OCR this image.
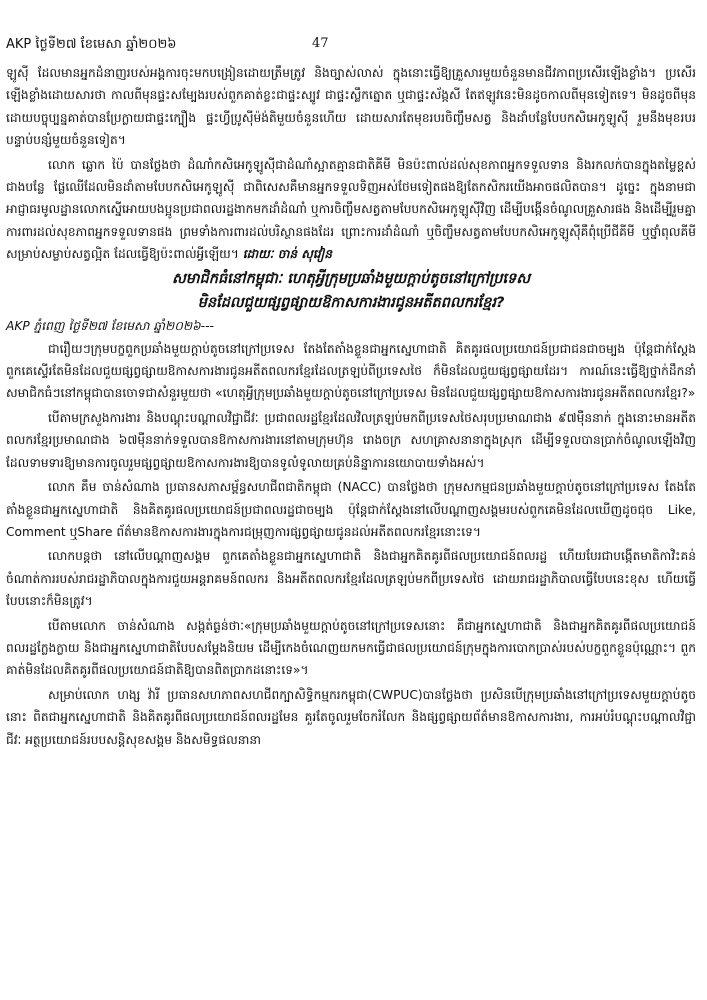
AKP ថ្ងៃទី២៧ ខែមេសា ឆ្នាំ២០២៦	47

ឡូស៊ី ដែលមានអ្នកដំនាញរបស់អង្គការចុះមកបង្រៀនដោយត្រឹមត្រូវ និងច្បាស់លាស់ ក្នុងនោះធ្វើឱ្យគ្រួសារមួយចំនួនមានជីវភាពប្រសើរឡើងខ្លាំង។ ប្រសើរឡើងខ្លាំងដោយសារថា កាលពីមុនផ្ទះសម្បែងរបស់ពួកគាត់ខ្លះជាផ្ទះស្បូវ ជាផ្ទះស្លឹកត្នោត ឬជាផ្ទះស័ង្កសី តែឥឡូវនេះមិនដូចកាលពីមុនទៀតទេ។ មិនដូចពីមុនដោយបច្ចុប្បន្នគាត់បានប្រែក្លាយជាផ្ទះក្បឿង ផ្ទះហ្វីប្រូស៊ីម៉ង់តិមួយចំនួនហើយ ដោយសារតែមុខរបរចិញ្ចឹមសត្វ និងដាំបន្លែបែបកសិអេកូឡូស៊ី រួមនឹងមុខរបរបន្ទាប់បន្សំមួយចំនួនទៀត។

លោក ឆ្លោក ប៉ៃ បានថ្លែងថា ដំណាំកសិអេកូឡូស៊ីជាដំណាំស្អាតគ្មានជាតិគីមី មិនប៉ះពាល់ដល់សុខភាពអ្នកទទួលទាន និងរកលក់បានក្នុងតម្លៃខ្ពស់ជាងបន្លែ ផ្លែឈើដែលមិនដាំតាមបែបកសិអេកូឡូស៊ី ជាពិសេសគឺមានអ្នកទទួលទិញអស់ថែមទៀតផងឱ្យតែកសិករយើងអាចផលិតបាន។ ដូច្នេះ ក្នុងនាមជាអាជ្ញាធរមូលដ្ឋានលោកស្នើអោយបងប្អូនប្រជាពលរដ្ឋងាកមកដាំដំណាំ ឬការចិញ្ចឹមសត្វតាមបែបកសិអេកូឡូស៊ីវិញ ដើម្បីបង្កើនចំណូលគ្រួសារផង និងដើម្បីរួមគ្នាការពារដល់សុខភាពអ្នកទទួលទានផង ព្រមទាំងការពារដល់បរិស្ថានផងដែរ ព្រោះការដាំដំណាំ ឬចិញ្ចឹមសត្វតាមបែបកសិអេកូឡូស៊ីគឺពុំប្រើជីគីមី ឬថ្នាំពុលគីមីសម្រាប់សម្លាប់សត្វល្អិត ដែលធ្វើឱ្យប៉ះពាល់អ្វីឡើយ។ ដោយៈ ចាន់ សុវៀន

សមាជិកធំនៅកម្ពុជាៈ ហេតុអ្វីក្រុមប្រឆាំងមួយក្តាប់តូចនៅក្រៅប្រទេស
មិនដែលជួយផ្សព្វផ្សាយឱកាសការងារជូនអតីតពលករខ្មែរ?
AKP ភ្នំពេញ ថ្ងៃទី២៧ ខែមេសា ឆ្នាំ២០២៦---

ជារឿយៗក្រុមបក្ខពួកប្រឆាំងមួយក្តាប់តូចនៅក្រៅប្រទេស តែងតែតាំងខ្លួនជាអ្នកស្នេហាជាតិ គិតគូរផលប្រយោជន៍ប្រជាជនជាចម្បង ប៉ុន្តែជាក់ស្តែងពួកគេស្ទើរតែមិនដែលជួយផ្សព្វផ្សាយឱកាសការងារជូនអតីតពលករខ្មែរដែលត្រឡប់ពីប្រទេសថៃ ក៏មិនដែលជួយផ្សព្វផ្សាយដែរ។ ការណ៍នេះធ្វើឱ្យថ្នាក់ដឹកនាំសមាជិកធំៗនៅកម្ពុជាបានចោទជាសំនួរមួយថា «ហេតុអ្វីក្រុមប្រឆាំងមួយក្តាប់តូចនៅក្រៅប្រទេស មិនដែលជួយផ្សព្វផ្សាយឱកាសការងារជូនអតីតពលករខ្មែរ?»

បើតាមក្រសួងការងារ និងបណ្តុះបណ្តាលវិជ្ជាជីវៈ ប្រជាពលរដ្ឋខ្មែរដែលវិលត្រឡប់មកពីប្រទេសថៃសរុបប្រមាណជាង ៩៧ម៉ឺននាក់ ក្នុងនោះមានអតីតពលករខ្មែរប្រមាណជាង ៦៧ម៉ឺននាក់ទទួលបានឱកាសការងារនៅតាមក្រុមហ៊ុន រោងចក្រ សហគ្រាសនានាក្នុងស្រុក ដើម្បីទទួលបានប្រាក់ចំណូលឡើងវិញ ដែលទាមទារឱ្យមានការចូលរួមផ្សព្វផ្សាយឱកាសការងារឱ្យបានទូលំទូលាយគ្រប់និន្នាការនយោបាយទាំងអស់។

លោក គឹម ចាន់សំណាង ប្រធានសភាសម្ព័ន្ធសហជីពជាតិកម្ពុជា (NACC) បានថ្លែងថា ក្រុមសកម្មជនប្រឆាំងមួយក្តាប់តូចនៅក្រៅប្រទេស តែងតែតាំងខ្លួនជាអ្នកស្នេហាជាតិ និងគិតគូរផលប្រយោជន៍ប្រជាពលរដ្ឋជាចម្បង ប៉ុន្តែជាក់ស្តែងនៅលើបណ្តាញសង្គមរបស់ពួកគេមិនដែលឃើញដូចជុច Like, Comment ឬShare ព័ត៌មានឱកាសការងារក្នុងការជម្រុញការផ្សព្វផ្សាយជូនដល់អតីតពលករខ្មែរនោះទេ។

លោកបន្តថា នៅលើបណ្តាញសង្គម ពួកគេតាំងខ្លួនជាអ្នកស្នេហាជាតិ និងជាអ្នកគិតគូរពីផលប្រយោជន៍ពលរដ្ឋ ហើយបែរជាបង្កើតមាតិកាវិះគន់ចំណាត់ការរបស់រាជរដ្ឋាភិបាលក្នុងការជួយអន្តរាគមន៍ពលករ និងអតីតពលករខ្មែរដែលត្រឡប់មកពីប្រទេសថៃ ដោយរាជរដ្ឋាភិបាលធ្វើបែបនេះខុស ហើយធ្វើបែបនោះក៏មិនត្រូវ។

បើតាមលោក ចាន់សំណាង សង្កត់ធ្ងន់ថាៈ«ក្រុមប្រឆាំងមួយក្តាប់តូចនៅក្រៅប្រទេសនោះ គឺជាអ្នកស្នេហាជាតិ និងជាអ្នកគិតគូរពីផលប្រយោជន៍ពលរដ្ឋក្លែងក្លាយ និងជាអ្នកស្នេហាជាតិបែបសម្តែងនិយម ដើម្បីកេងចំណេញយកមកធ្វើជាផលប្រយោជន៍ក្រុមក្នុងការបោកប្រាស់របស់បក្ខពួកខ្លួនប៉ុណ្ណោះ។ ពួកគាត់មិនដែលគិតគូរពីផលប្រយោជន៍ជាតិឱ្យបានពិតប្រាកដនោះទេ»។

សម្រាប់លោក ហង្ស វ៉ារី ប្រធានសហភាពសហជីពក្បាសិទ្ធិកម្មករកម្ពុជា(CWPUC)បានថ្លែងថា ប្រសិនបើក្រុមប្រឆាំងនៅក្រៅប្រទេសមួយក្តាប់តូចនោះ ពិតជាអ្នកស្នេហាជាតិ និងគិតគូរពីផលប្រយោជន៍ពលរដ្ឋមែន គួរតែចូលរួមចែករំលែក និងផ្សព្វផ្សាយព័ត៌មានឱកាសការងារ, ការអប់រំបណ្តុះបណ្តាលវិជ្ជាជីវៈ អត្ថប្រយោជន៍របបសន្តិសុខសង្គម និងសមិទ្ធផលនានា
